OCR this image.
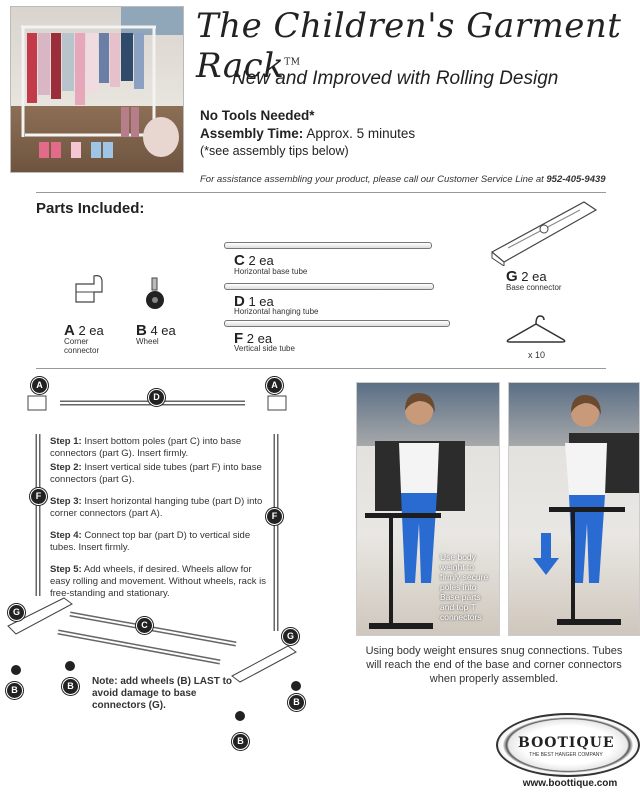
The Children's Garment Rack™
New and Improved with Rolling Design
No Tools Needed*
Assembly Time: Approx. 5 minutes
(*see assembly tips below)
For assistance assembling your product, please call our Customer Service Line at 952-405-9439
Parts Included:
A 2 ea
Corner
connector
B 4 ea
Wheel
C 2 ea
Horizontal base tube
D 1 ea
Horizontal hanging tube
F 2 ea
Vertical side tube
G 2 ea
Base connector
x 10
A	A
D
F
F
G
G
C
B	B
B
B
Step 1: Insert bottom poles (part C) into base connectors (part G). Insert firmly.
Step 2: Insert vertical side tubes (part F) into base connectors (part G).
Step 3: Insert horizontal hanging tube (part D) into corner connectors (part A).
Step 4: Connect top bar (part D) to vertical side tubes. Insert firmly.
Step 5: Add wheels, if desired. Wheels allow for easy rolling and movement. Without wheels, rack is free-standing and stationary.
Note: add wheels (B) LAST to avoid damage to base connectors (G).
Use body weight to firmly secure poles into Base parts and top T connectors
Using body weight ensures snug connections. Tubes will reach the end of the base and corner connectors when properly assembled.
BOOTIQUE
THE BEST HANGER COMPANY
www.boottique.com
